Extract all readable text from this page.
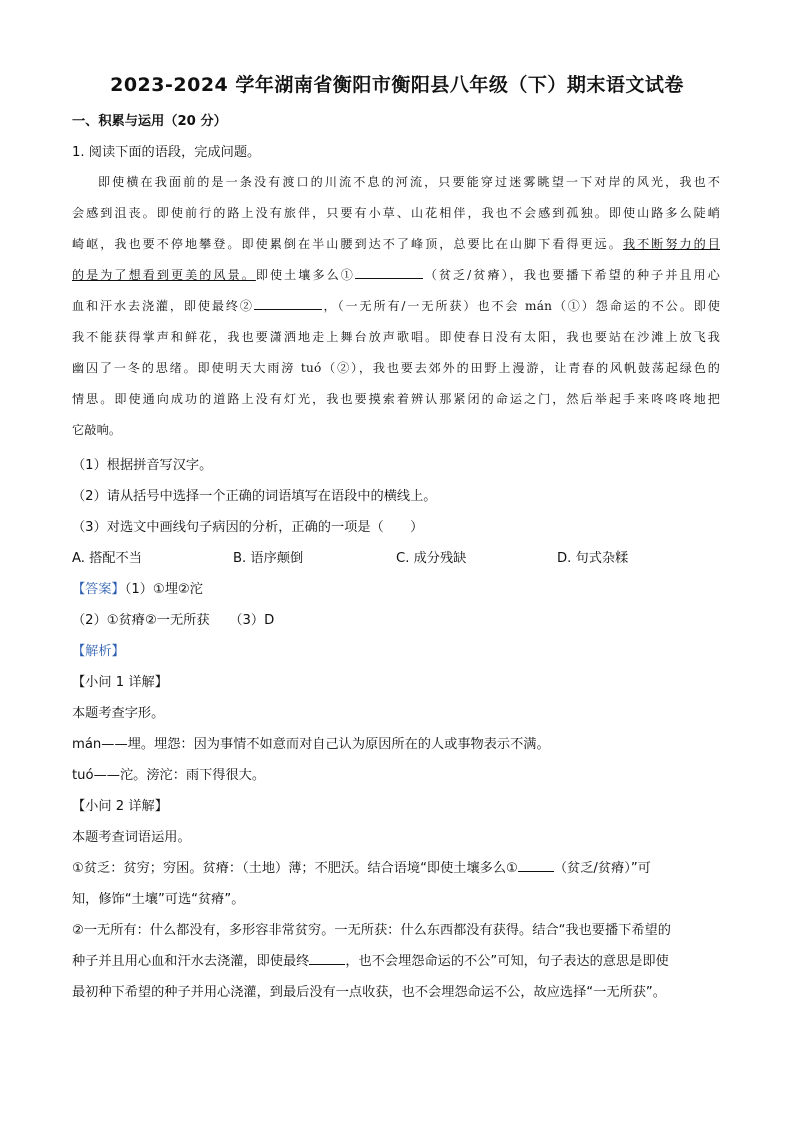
2023-2024 学年湖南省衡阳市衡阳县八年级（下）期末语文试卷
一、积累与运用（20 分）
1. 阅读下面的语段，完成问题。
即使横在我面前的是一条没有渡口的川流不息的河流，只要能穿过迷雾眺望一下对岸的风光，我也不
会感到沮丧。即使前行的路上没有旅伴，只要有小草、山花相伴，我也不会感到孤独。即使山路多么陡峭
崎岖，我也要不停地攀登。即使累倒在半山腰到达不了峰顶，总要比在山脚下看得更远。我不断努力的目
的是为了想看到更美的风景。即使土壤多么①	（贫乏/贫瘠），我也要播下希望的种子并且用心
血和汗水去浇灌，即使最终②	，（一无所有/一无所获）也不会 mán（①）怨命运的不公。即使
我不能获得掌声和鲜花，我也要潇洒地走上舞台放声歌唱。即使春日没有太阳，我也要站在沙滩上放飞我
幽囚了一冬的思绪。即使明天大雨滂 tuó（②），我也要去郊外的田野上漫游，让青春的风帆鼓荡起绿色的
情思。即使通向成功的道路上没有灯光，我也要摸索着辨认那紧闭的命运之门，然后举起手来咚咚咚地把
它敲响。
（1）根据拼音写汉字。
（2）请从括号中选择一个正确的词语填写在语段中的横线上。
（3）对选文中画线句子病因的分析，正确的一项是（　　）
A. 搭配不当	B. 语序颠倒	C. 成分残缺	D. 句式杂糅
【答案】（1）①埋②沱
（2）①贫瘠②一无所获　　（3）D
【解析】
【小问 1 详解】
本题考查字形。
mán——埋。埋怨：因为事情不如意而对自己认为原因所在的人或事物表示不满。
tuó——沱。滂沱：雨下得很大。
【小问 2 详解】
本题考查词语运用。
①贫乏：贫穷；穷困。贫瘠：（土地）薄；不肥沃。结合语境“即使土壤多么①	（贫乏/贫瘠）”可
知，修饰“土壤”可选“贫瘠”。
②一无所有：什么都没有，多形容非常贫穷。一无所获：什么东西都没有获得。结合“我也要播下希望的
种子并且用心血和汗水去浇灌，即使最终	，也不会埋怨命运的不公”可知，句子表达的意思是即使
最初种下希望的种子并用心浇灌，到最后没有一点收获，也不会埋怨命运不公，故应选择“一无所获”。
